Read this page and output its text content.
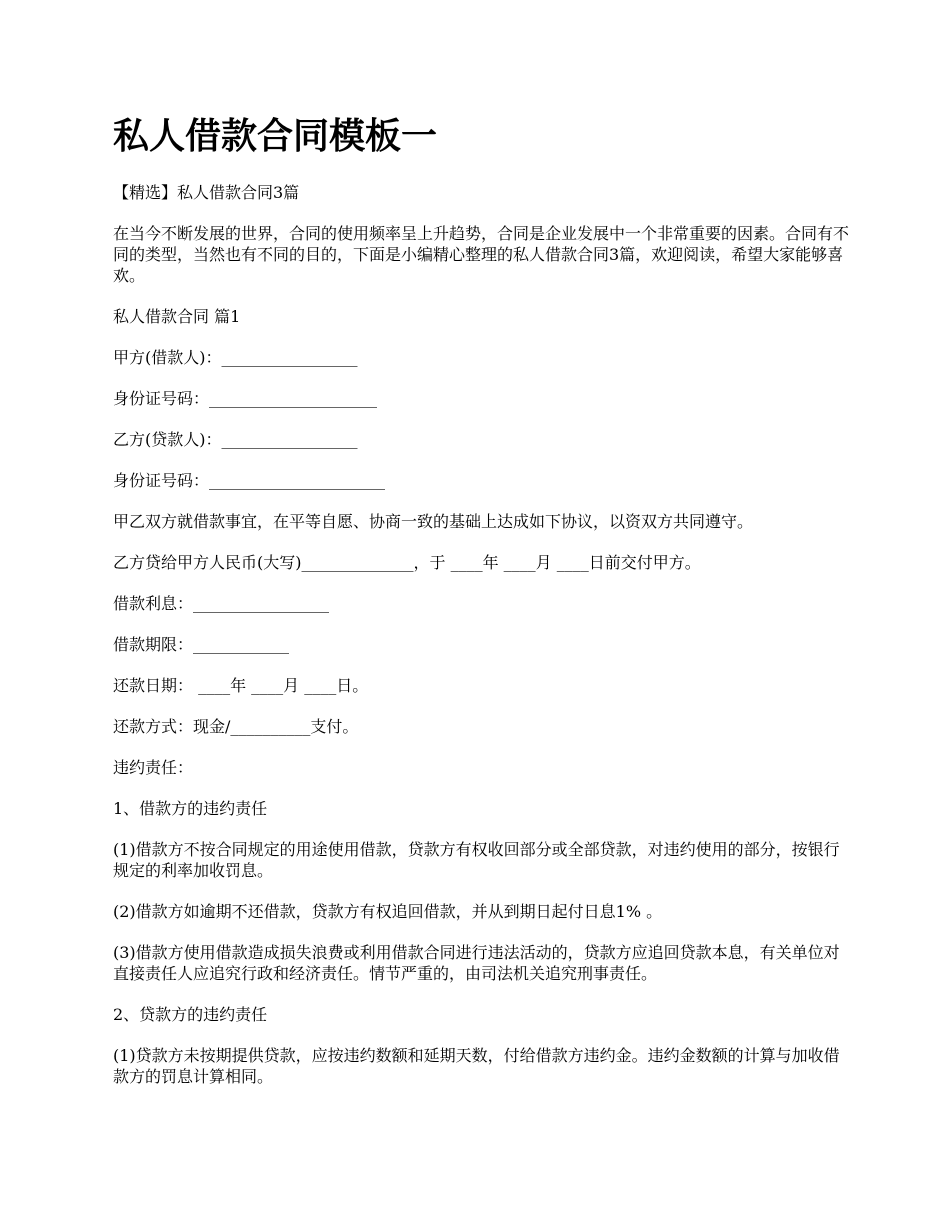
私人借款合同模板一

【精选】私人借款合同3篇

在当今不断发展的世界，合同的使用频率呈上升趋势，合同是企业发展中一个非常重要的因素。合同有不同的类型，当然也有不同的目的，下面是小编精心整理的私人借款合同3篇，欢迎阅读，希望大家能够喜欢。

私人借款合同 篇1

甲方(借款人)：_________________

身份证号码：_____________________

乙方(贷款人)：_________________

身份证号码：______________________

甲乙双方就借款事宜，在平等自愿、协商一致的基础上达成如下协议，以资双方共同遵守。

乙方贷给甲方人民币(大写)______________，于 ____年 ____月 ____日前交付甲方。

借款利息：_________________

借款期限：____________

还款日期： ____年 ____月 ____日。

还款方式：现金/__________支付。

违约责任：

1、借款方的违约责任

(1)借款方不按合同规定的用途使用借款，贷款方有权收回部分或全部贷款，对违约使用的部分，按银行规定的利率加收罚息。

(2)借款方如逾期不还借款，贷款方有权追回借款，并从到期日起付日息1% 。

(3)借款方使用借款造成损失浪费或利用借款合同进行违法活动的，贷款方应追回贷款本息，有关单位对直接责任人应追究行政和经济责任。情节严重的，由司法机关追究刑事责任。

2、贷款方的违约责任

(1)贷款方未按期提供贷款，应按违约数额和延期天数，付给借款方违约金。违约金数额的计算与加收借款方的罚息计算相同。
